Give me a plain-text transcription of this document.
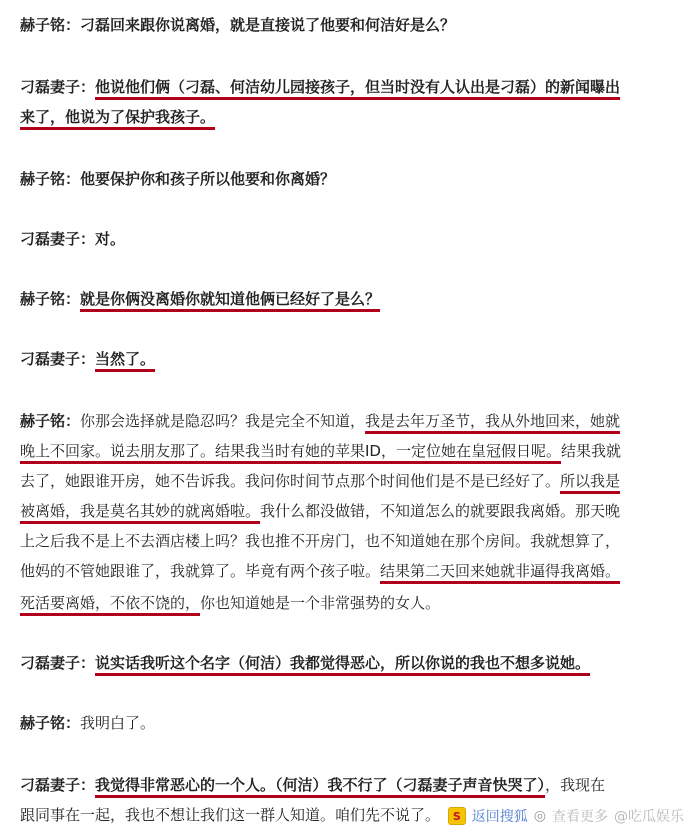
赫子铭：刁磊回来跟你说离婚，就是直接说了他要和何洁好是么？
刁磊妻子：他说他们俩（刁磊、何洁幼儿园接孩子，但当时没有人认出是刁磊）的新闻曝出
来了，他说为了保护我孩子。
赫子铭：他要保护你和孩子所以他要和你离婚？
刁磊妻子：对。
赫子铭：就是你俩没离婚你就知道他俩已经好了是么？
刁磊妻子：当然了。
赫子铭：你那会选择就是隐忍吗？我是完全不知道，我是去年万圣节，我从外地回来，她就
晚上不回家。说去朋友那了。结果我当时有她的苹果ID，一定位她在皇冠假日呢。结果我就
去了，她跟谁开房，她不告诉我。我问你时间节点那个时间他们是不是已经好了。所以我是
被离婚，我是莫名其妙的就离婚啦。我什么都没做错，不知道怎么的就要跟我离婚。那天晚
上之后我不是上不去酒店楼上吗？我也推不开房门，也不知道她在那个房间。我就想算了，
他妈的不管她跟谁了，我就算了。毕竟有两个孩子啦。结果第二天回来她就非逼得我离婚。
死活要离婚，不依不饶的，你也知道她是一个非常强势的女人。
刁磊妻子：说实话我听这个名字（何洁）我都觉得恶心，所以你说的我也不想多说她。
赫子铭：我明白了。
刁磊妻子：我觉得非常恶心的一个人。（何洁）我不行了（刁磊妻子声音快哭了），我现在
跟同事在一起，我也不想让我们这一群人知道。咱们先不说了。	S 返回搜狐 ◎ 查看更多 @吃瓜娱乐
